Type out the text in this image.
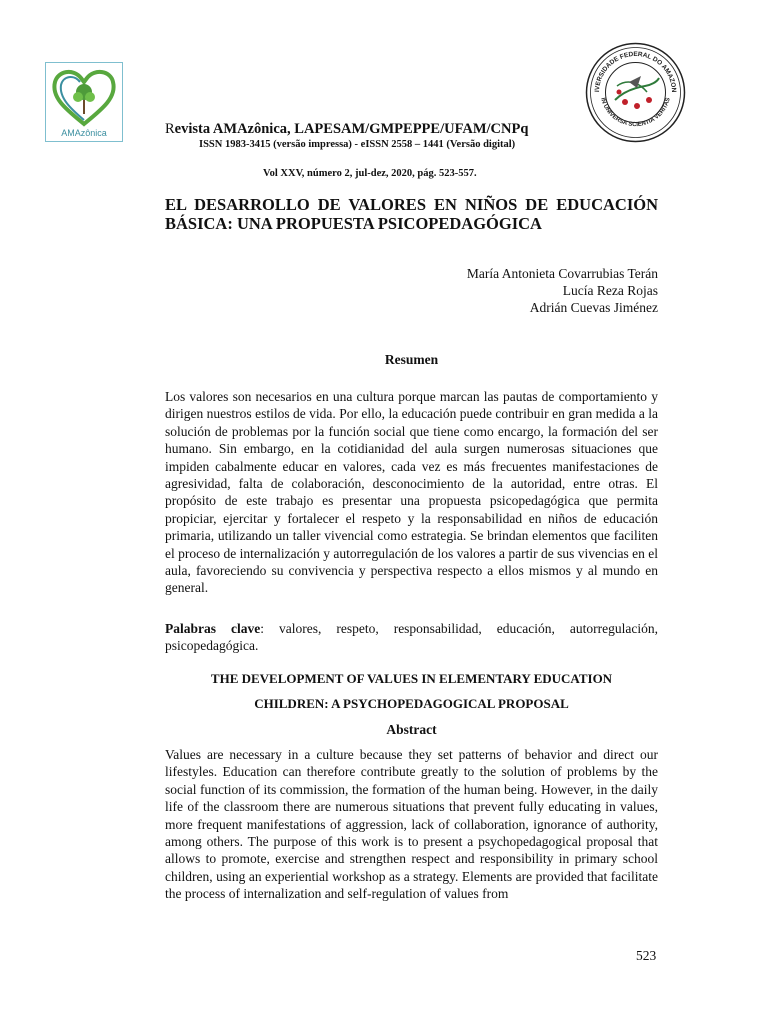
AMAzônica
IVERSIDADE FEDERAL DO AMAZON
IN UNIVERSA SCIENTIA VERITAS
Revista AMAzônica, LAPESAM/GMPEPPE/UFAM/CNPq
ISSN 1983-3415 (versão impressa) - eISSN 2558 – 1441 (Versão digital)
Vol XXV, número 2, jul-dez, 2020, pág. 523-557.
EL DESARROLLO DE VALORES EN NIÑOS DE EDUCACIÓN BÁSICA: UNA PROPUESTA PSICOPEDAGÓGICA
María Antonieta Covarrubias Terán
Lucía Reza Rojas
Adrián Cuevas Jiménez
Resumen
Los valores son necesarios en una cultura porque marcan las pautas de comportamiento y dirigen nuestros estilos de vida. Por ello, la educación puede contribuir en gran medida a la solución de problemas por la función social que tiene como encargo, la formación del ser humano. Sin embargo, en la cotidianidad del aula surgen numerosas situaciones que impiden cabalmente educar en valores, cada vez es más frecuentes manifestaciones de agresividad, falta de colaboración, desconocimiento de la autoridad, entre otras. El propósito de este trabajo es presentar una propuesta psicopedagógica que permita propiciar, ejercitar y fortalecer el respeto y la responsabilidad en niños de educación primaria, utilizando un taller vivencial como estrategia. Se brindan elementos que faciliten el proceso de internalización y autorregulación de los valores a partir de sus vivencias en el aula, favoreciendo su convivencia y perspectiva respecto a ellos mismos y al mundo en general.
Palabras clave: valores, respeto, responsabilidad, educación, autorregulación, psicopedagógica.
THE DEVELOPMENT OF VALUES IN ELEMENTARY EDUCATION
CHILDREN: A PSYCHOPEDAGOGICAL PROPOSAL
Abstract
Values are necessary in a culture because they set patterns of behavior and direct our lifestyles. Education can therefore contribute greatly to the solution of problems by the social function of its commission, the formation of the human being. However, in the daily life of the classroom there are numerous situations that prevent fully educating in values, more frequent manifestations of aggression, lack of collaboration, ignorance of authority, among others. The purpose of this work is to present a psychopedagogical proposal that allows to promote, exercise and strengthen respect and responsibility in primary school children, using an experiential workshop as a strategy. Elements are provided that facilitate the process of internalization and self-regulation of values from
523
